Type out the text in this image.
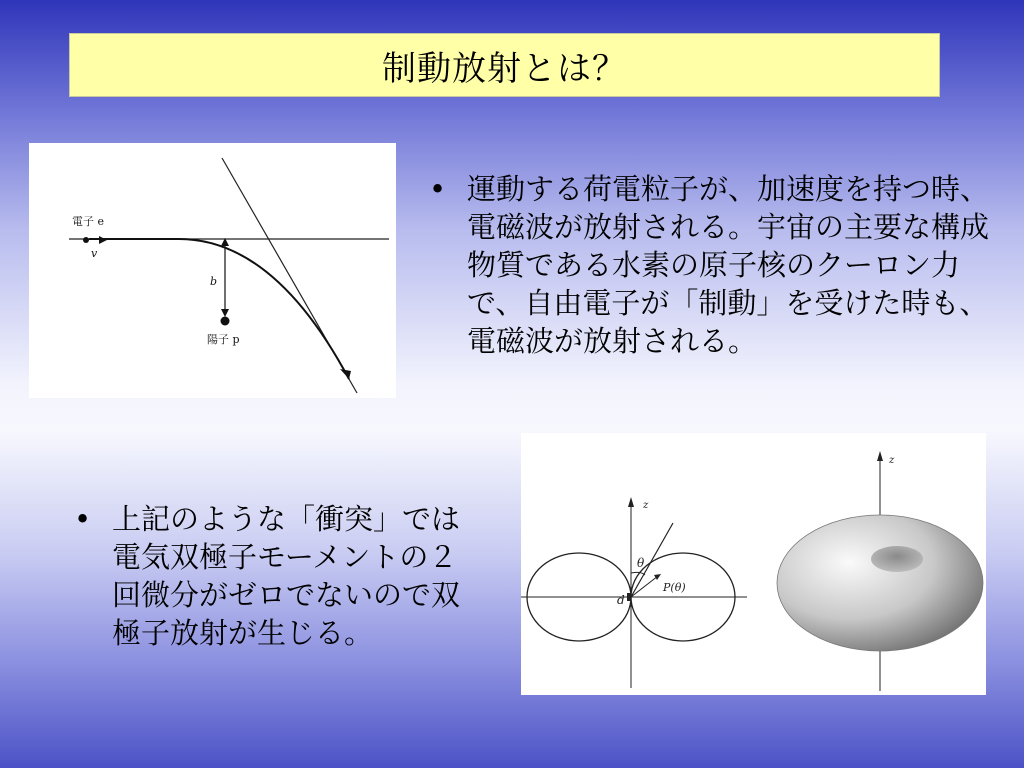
制動放射とは？
電子 e
v
b
陽子 p
• 運動する荷電粒子が、加速度を持つ時、電磁波が放射される。宇宙の主要な構成物質である水素の原子核のクーロン力で、自由電子が「制動」を受けた時も、電磁波が放射される。
• 上記のような「衝突」では電気双極子モーメントの２回微分がゼロでないので双極子放射が生じる。
z
θ
d
P(θ)
z
